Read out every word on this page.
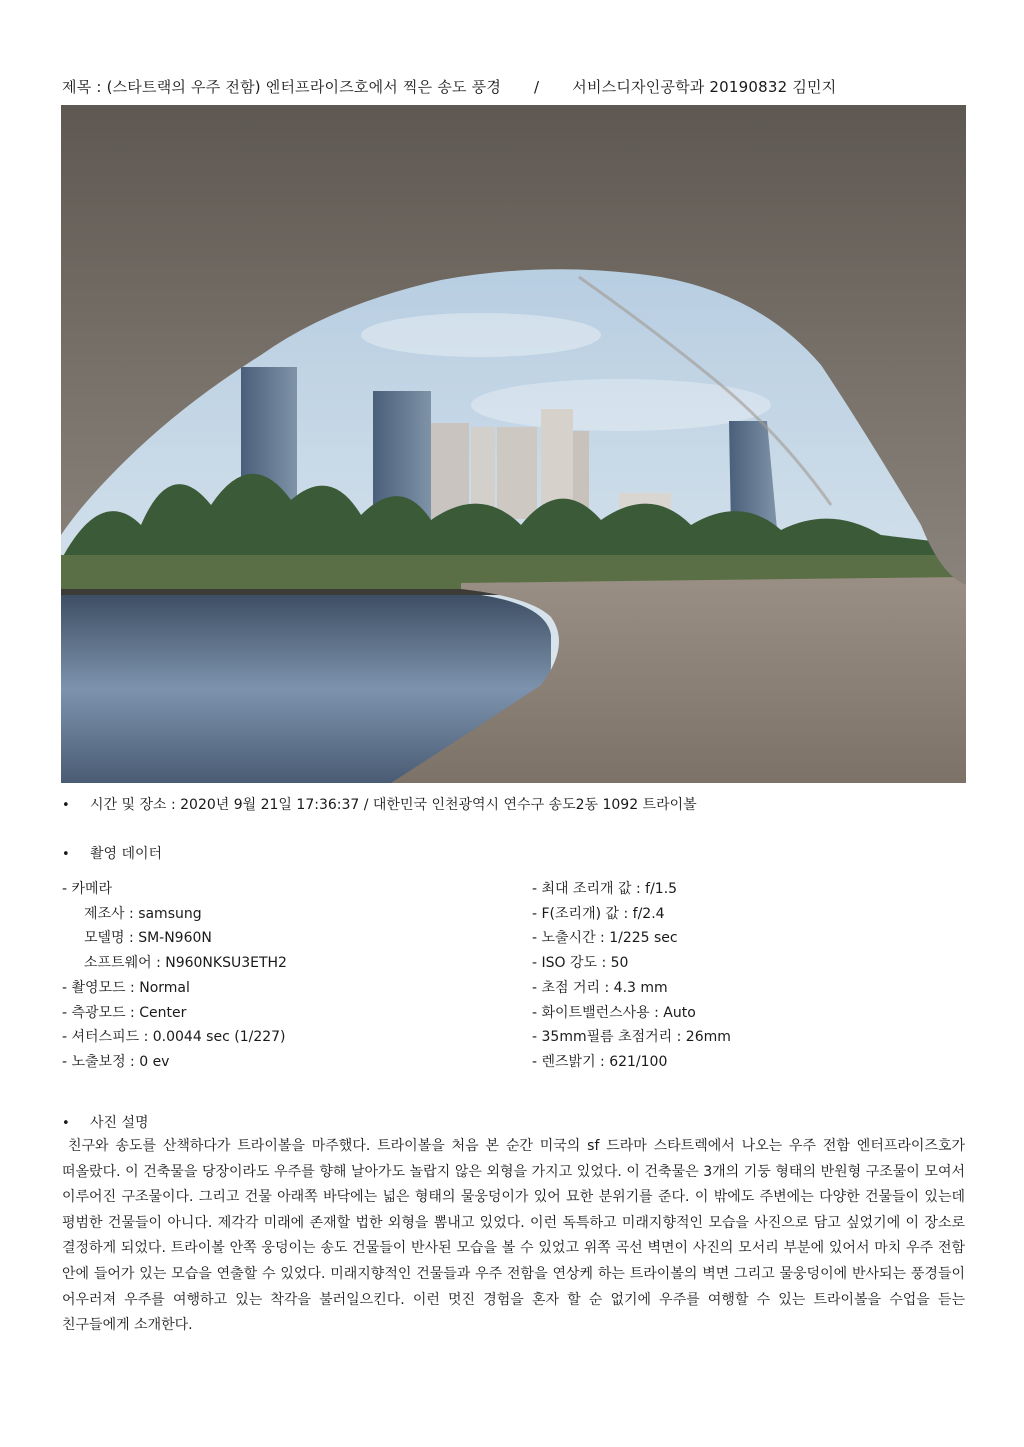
제목 : (스타트랙의 우주 전함) 엔터프라이즈호에서 찍은 송도 풍경 / 서비스디자인공학과 20190832 김민지
• 시간 및 장소 : 2020년 9월 21일 17:36:37 / 대한민국 인천광역시 연수구 송도2동 1092 트라이볼
• 촬영 데이터
- 카메라
제조사 : samsung
모델명 : SM-N960N
소프트웨어 : N960NKSU3ETH2
- 촬영모드 : Normal
- 측광모드 : Center
- 셔터스피드 : 0.0044 sec (1/227)
- 노출보정 : 0 ev
- 최대 조리개 값 : f/1.5
- F(조리개) 값 : f/2.4
- 노출시간 : 1/225 sec
- ISO 강도 : 50
- 초점 거리 : 4.3 mm
- 화이트밸런스사용 : Auto
- 35mm필름 초점거리 : 26mm
- 렌즈밝기 : 621/100
• 사진 설명
친구와 송도를 산책하다가 트라이볼을 마주했다. 트라이볼을 처음 본 순간 미국의 sf 드라마 스타트렉에서 나오는 우주 전함 엔터프라이즈호가 떠올랐다. 이 건축물을 당장이라도 우주를 향해 날아가도 놀랍지 않은 외형을 가지고 있었다. 이 건축물은 3개의 기둥 형태의 반원형 구조물이 모여서 이루어진 구조물이다. 그리고 건물 아래쪽 바닥에는 넓은 형태의 물웅덩이가 있어 묘한 분위기를 준다. 이 밖에도 주변에는 다양한 건물들이 있는데 평범한 건물들이 아니다. 제각각 미래에 존재할 법한 외형을 뽐내고 있었다. 이런 독특하고 미래지향적인 모습을 사진으로 담고 싶었기에 이 장소로 결정하게 되었다. 트라이볼 안쪽 웅덩이는 송도 건물들이 반사된 모습을 볼 수 있었고 위쪽 곡선 벽면이 사진의 모서리 부분에 있어서 마치 우주 전함 안에 들어가 있는 모습을 연출할 수 있었다. 미래지향적인 건물들과 우주 전함을 연상케 하는 트라이볼의 벽면 그리고 물웅덩이에 반사되는 풍경들이 어우러져 우주를 여행하고 있는 착각을 불러일으킨다. 이런 멋진 경험을 혼자 할 순 없기에 우주를 여행할 수 있는 트라이볼을 수업을 듣는 친구들에게 소개한다.
